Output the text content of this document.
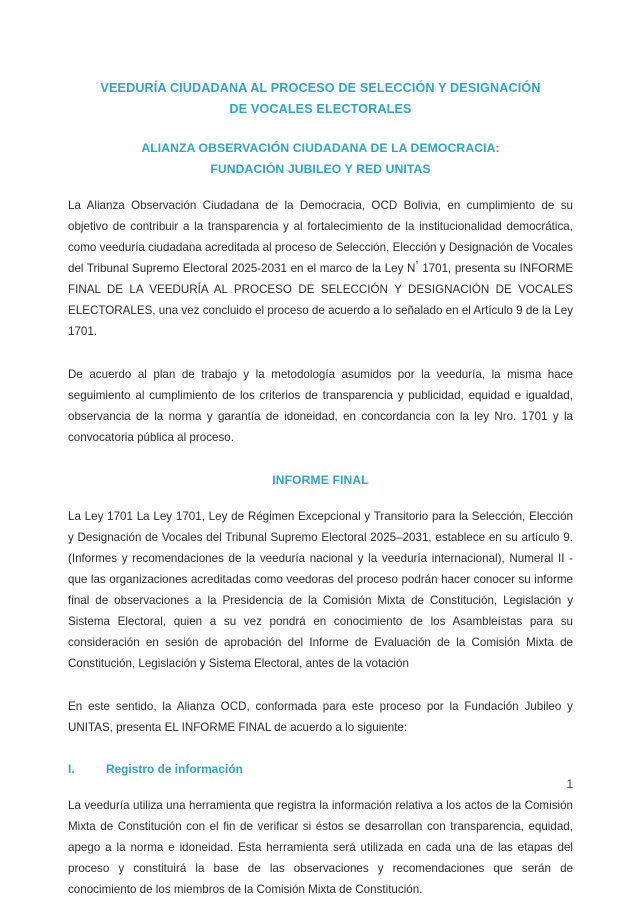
VEEDURÍA CIUDADANA AL PROCESO DE SELECCIÓN Y DESIGNACIÓN
DE VOCALES ELECTORALES
ALIANZA OBSERVACIÓN CIUDADANA DE LA DEMOCRACIA:
FUNDACIÓN JUBILEO Y RED UNITAS

La Alianza Observación Ciudadana de la Democracia, OCD Bolivia, en cumplimiento de su objetivo de contribuir a la transparencia y al fortalecimiento de la institucionalidad democrática, como veeduría ciudadana acreditada al proceso de Selección, Elección y Designación de Vocales del Tribunal Supremo Electoral 2025-2031 en el marco de la Ley N° 1701, presenta su INFORME FINAL DE LA VEEDURÍA AL PROCESO DE SELECCIÓN Y DESIGNACIÓN DE VOCALES ELECTORALES, una vez concluido el proceso de acuerdo a lo señalado en el Artículo 9 de la Ley 1701.

De acuerdo al plan de trabajo y la metodología asumidos por la veeduría, la misma hace seguimiento al cumplimiento de los criterios de transparencia y publicidad, equidad e igualdad, observancia de la norma y garantía de idoneidad, en concordancia con la ley Nro. 1701 y la convocatoria pública al proceso.

INFORME FINAL

La Ley 1701 La Ley 1701, Ley de Régimen Excepcional y Transitorio para la Selección, Elección y Designación de Vocales del Tribunal Supremo Electoral 2025–2031, establece en su artículo 9. (Informes y recomendaciones de la veeduría nacional y la veeduría internacional), Numeral II - que las organizaciones acreditadas como veedoras del proceso podrán hacer conocer su informe final de observaciones a la Presidencia de la Comisión Mixta de Constitución, Legislación y Sistema Electoral, quien a su vez pondrá en conocimiento de los Asambleístas para su consideración en sesión de aprobación del Informe de Evaluación de la Comisión Mixta de Constitución, Legislación y Sistema Electoral, antes de la votación

En este sentido, la Alianza OCD, conformada para este proceso por la Fundación Jubileo y UNITAS, presenta EL INFORME FINAL de acuerdo a lo siguiente:

I.	Registro de información

La veeduría utiliza una herramienta que registra la información relativa a los actos de la Comisión Mixta de Constitución con el fin de verificar si éstos se desarrollan con transparencia, equidad, apego a la norma e idoneidad. Esta herramienta será utilizada en cada una de las etapas del proceso y constituirá la base de las observaciones y recomendaciones que serán de conocimiento de los miembros de la Comisión Mixta de Constitución.

1
